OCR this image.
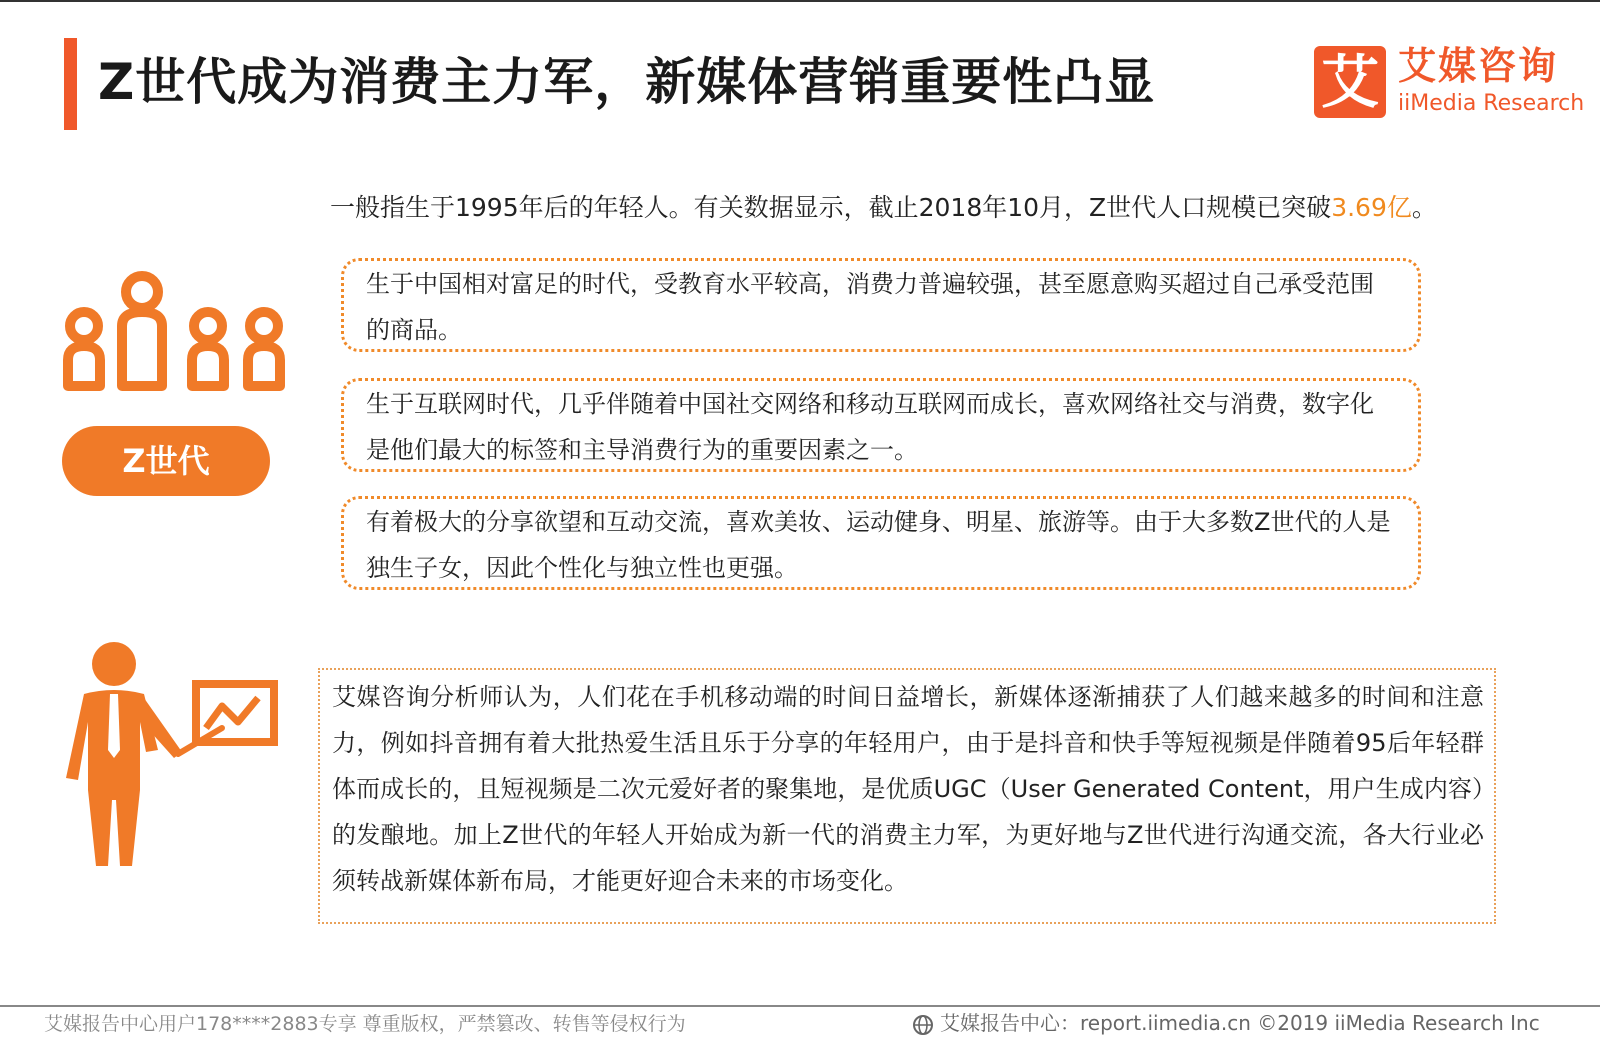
Z世代成为消费主力军，新媒体营销重要性凸显	艾 艾媒咨询
iiMedia Research
一般指生于1995年后的年轻人。有关数据显示，截止2018年10月，Z世代人口规模已突破3.69亿。
Z世代
生于中国相对富足的时代，受教育水平较高，消费力普遍较强，甚至愿意购买超过自己承受范围的商品。
生于互联网时代，几乎伴随着中国社交网络和移动互联网而成长，喜欢网络社交与消费，数字化是他们最大的标签和主导消费行为的重要因素之一。
有着极大的分享欲望和互动交流，喜欢美妆、运动健身、明星、旅游等。由于大多数Z世代的人是独生子女，因此个性化与独立性也更强。
艾媒咨询分析师认为，人们花在手机移动端的时间日益增长，新媒体逐渐捕获了人们越来越多的时间和注意力，例如抖音拥有着大批热爱生活且乐于分享的年轻用户，由于是抖音和快手等短视频是伴随着95后年轻群体而成长的，且短视频是二次元爱好者的聚集地，是优质UGC（User Generated Content，用户生成内容）的发酿地。加上Z世代的年轻人开始成为新一代的消费主力军，为更好地与Z世代进行沟通交流，各大行业必须转战新媒体新布局，才能更好迎合未来的市场变化。
艾媒报告中心用户178****2883专享 尊重版权，严禁篡改、转售等侵权行为	艾媒报告中心：report.iimedia.cn ©2019 iiMedia Research Inc
